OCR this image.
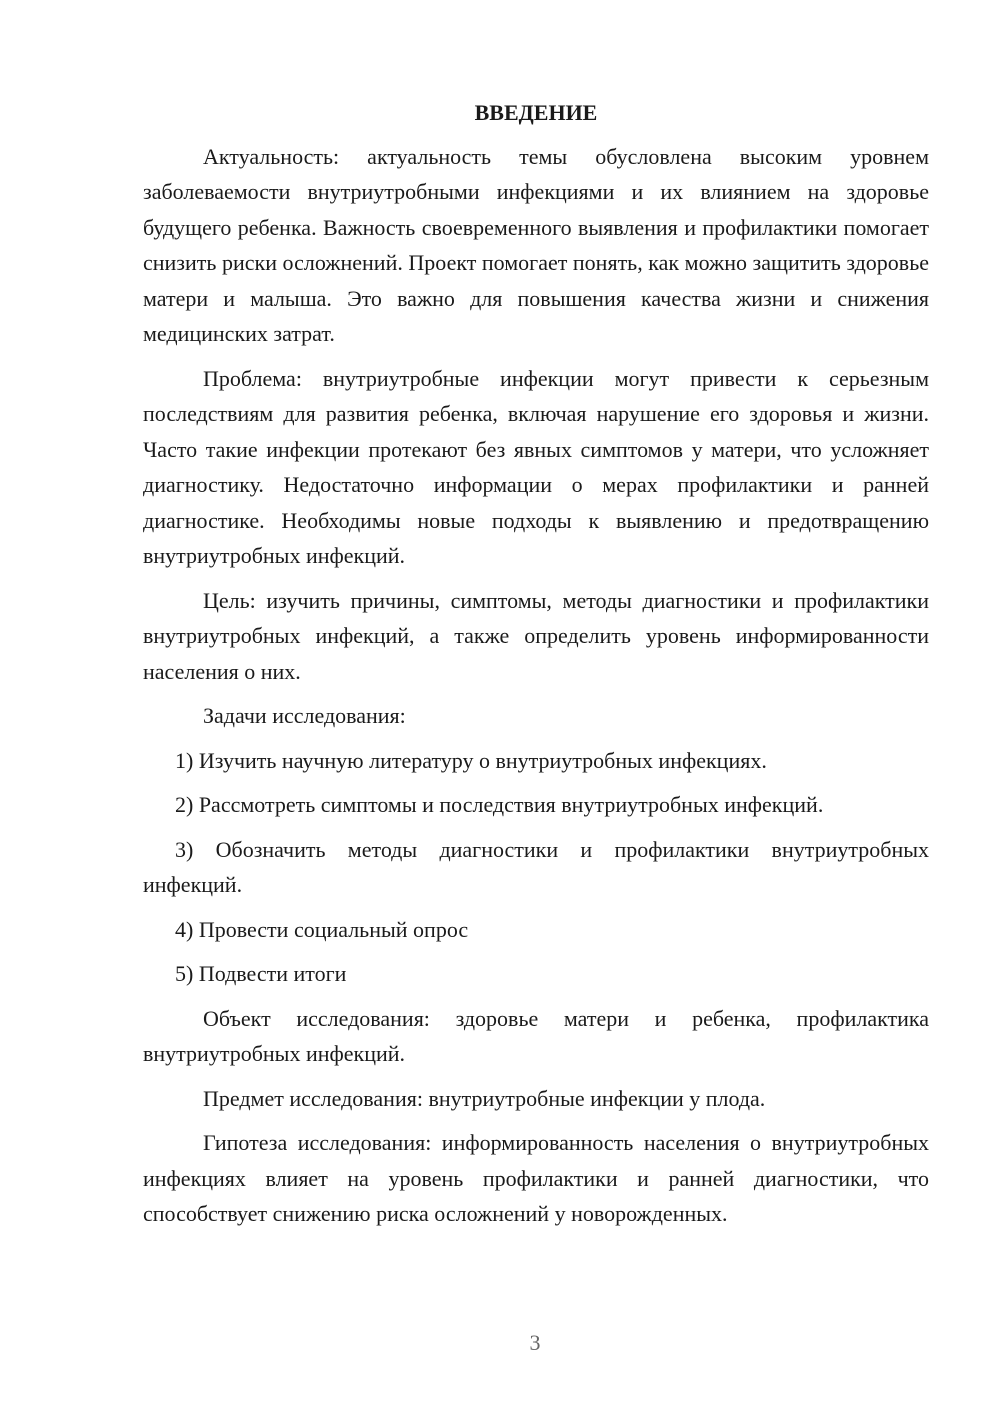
ВВЕДЕНИЕ

Актуальность: актуальность темы обусловлена высоким уровнем заболеваемости внутриутробными инфекциями и их влиянием на здоровье будущего ребенка. Важность своевременного выявления и профилактики помогает снизить риски осложнений. Проект помогает понять, как можно защитить здоровье матери и малыша. Это важно для повышения качества жизни и снижения медицинских затрат.

Проблема: внутриутробные инфекции могут привести к серьезным последствиям для развития ребенка, включая нарушение его здоровья и жизни. Часто такие инфекции протекают без явных симптомов у матери, что усложняет диагностику. Недостаточно информации о мерах профилактики и ранней диагностике. Необходимы новые подходы к выявлению и предотвращению внутриутробных инфекций.

Цель: изучить причины, симптомы, методы диагностики и профилактики внутриутробных инфекций, а также определить уровень информированности населения о них.

Задачи исследования:

1) Изучить научную литературу о внутриутробных инфекциях.

2) Рассмотреть симптомы и последствия внутриутробных инфекций.

3) Обозначить методы диагностики и профилактики внутриутробных инфекций.

4) Провести социальный опрос

5) Подвести итоги

Объект исследования: здоровье матери и ребенка, профилактика внутриутробных инфекций.

Предмет исследования: внутриутробные инфекции у плода.

Гипотеза исследования: информированность населения о внутриутробных инфекциях влияет на уровень профилактики и ранней диагностики, что способствует снижению риска осложнений у новорожденных.

3
